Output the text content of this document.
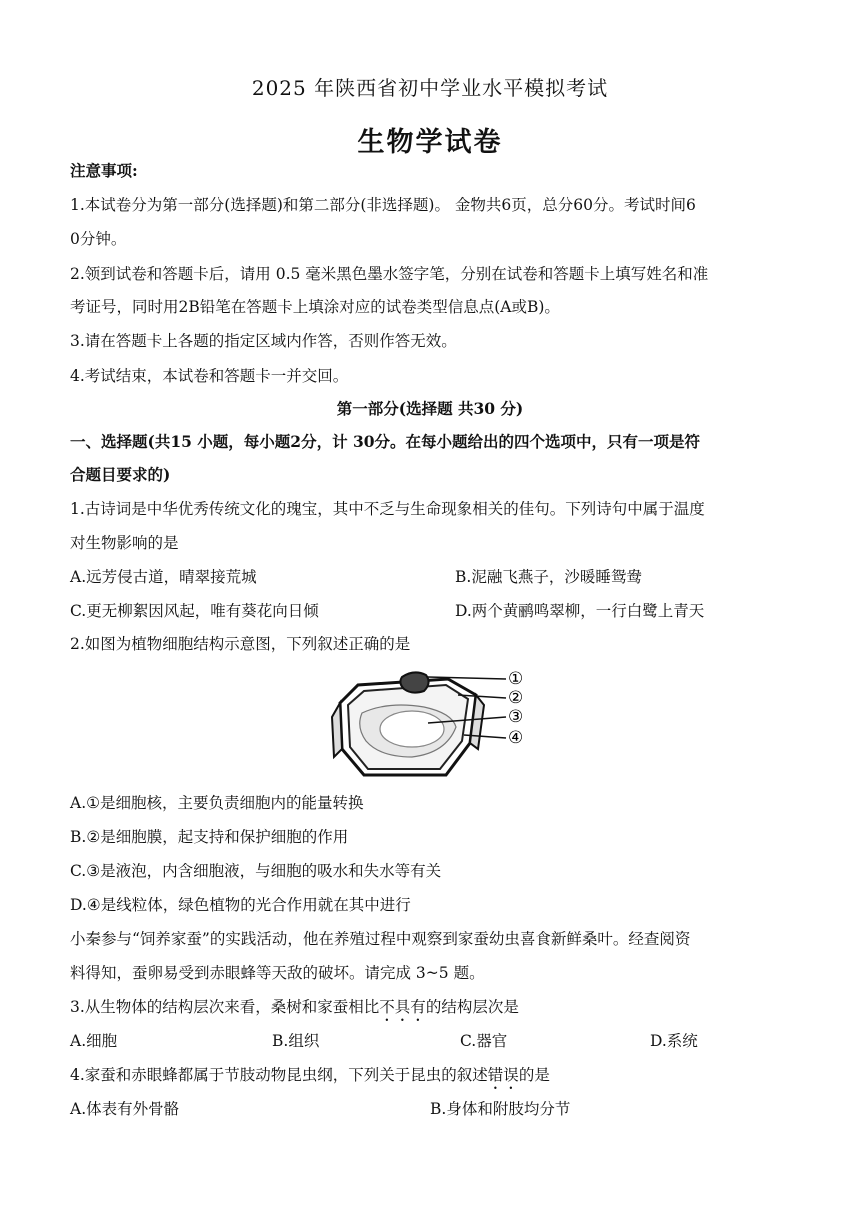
2025 年陕西省初中学业水平模拟考试
生物学试卷
注意事项:
1.本试卷分为第一部分(选择题)和第二部分(非选择题)。 金物共6页，总分60分。考试时间6
0分钟。
2.领到试卷和答题卡后，请用 0.5 毫米黑色墨水签字笔，分别在试卷和答题卡上填写姓名和准
考证号，同时用2B铅笔在答题卡上填涂对应的试卷类型信息点(A或B)。
3.请在答题卡上各题的指定区域内作答，否则作答无效。
4.考试结束，本试卷和答题卡一并交回。
第一部分(选择题 共30 分)
一、选择题(共15 小题，每小题2分，计 30分。在每小题给出的四个选项中，只有一项是符
合题目要求的)
1.古诗词是中华优秀传统文化的瑰宝，其中不乏与生命现象相关的佳句。下列诗句中属于温度
对生物影响的是
A.远芳侵古道，晴翠接荒城	B.泥融飞燕子，沙暖睡鸳鸯
C.更无柳絮因风起，唯有葵花向日倾	D.两个黄鹂鸣翠柳，一行白鹭上青天
2.如图为植物细胞结构示意图，下列叙述正确的是
①
②
③
④
A.①是细胞核，主要负责细胞内的能量转换
B.②是细胞膜，起支持和保护细胞的作用
C.③是液泡，内含细胞液，与细胞的吸水和失水等有关
D.④是线粒体，绿色植物的光合作用就在其中进行
小秦参与“饲养家蚕”的实践活动，他在养殖过程中观察到家蚕幼虫喜食新鲜桑叶。经查阅资
料得知，蚕卵易受到赤眼蜂等天敌的破坏。请完成 3~5 题。
3.从生物体的结构层次来看，桑树和家蚕相比不具有的结构层次是
A.细胞	B.组织	C.器官	D.系统
4.家蚕和赤眼蜂都属于节肢动物昆虫纲，下列关于昆虫的叙述错误的是
A.体表有外骨骼	B.身体和附肢均分节
